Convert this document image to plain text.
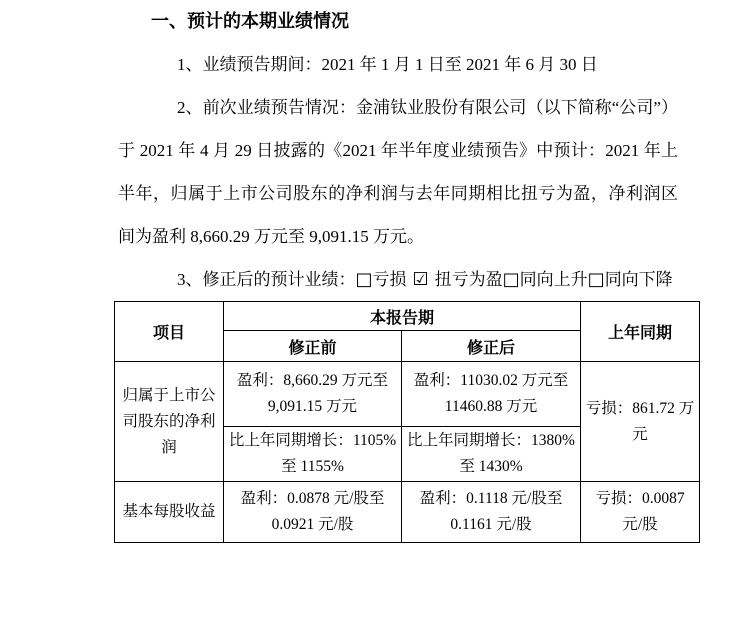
一、预计的本期业绩情况

1、业绩预告期间：2021 年 1 月 1 日至 2021 年 6 月 30 日

2、前次业绩预告情况：金浦钛业股份有限公司（以下简称“公司”）于 2021 年 4 月 29 日披露的《2021 年半年度业绩预告》中预计：2021 年上半年，归属于上市公司股东的净利润与去年同期相比扭亏为盈，净利润区间为盈利 8,660.29 万元至 9,091.15 万元。

3、修正后的预计业绩：□亏损 ☑ 扭亏为盈□同向上升□同向下降

项目	本报告期		上年同期
	修正前	修正后	
归属于上市公司股东的净利润	盈利：8,660.29 万元至 9,091.15 万元	盈利：11030.02 万元至 11460.88 万元	亏损：861.72 万元
	比上年同期增长：1105%至 1155%	比上年同期增长：1380%至 1430%	
基本每股收益	盈利：0.0878 元/股至 0.0921 元/股	盈利：0.1118 元/股至 0.1161 元/股	亏损：0.0087 元/股
